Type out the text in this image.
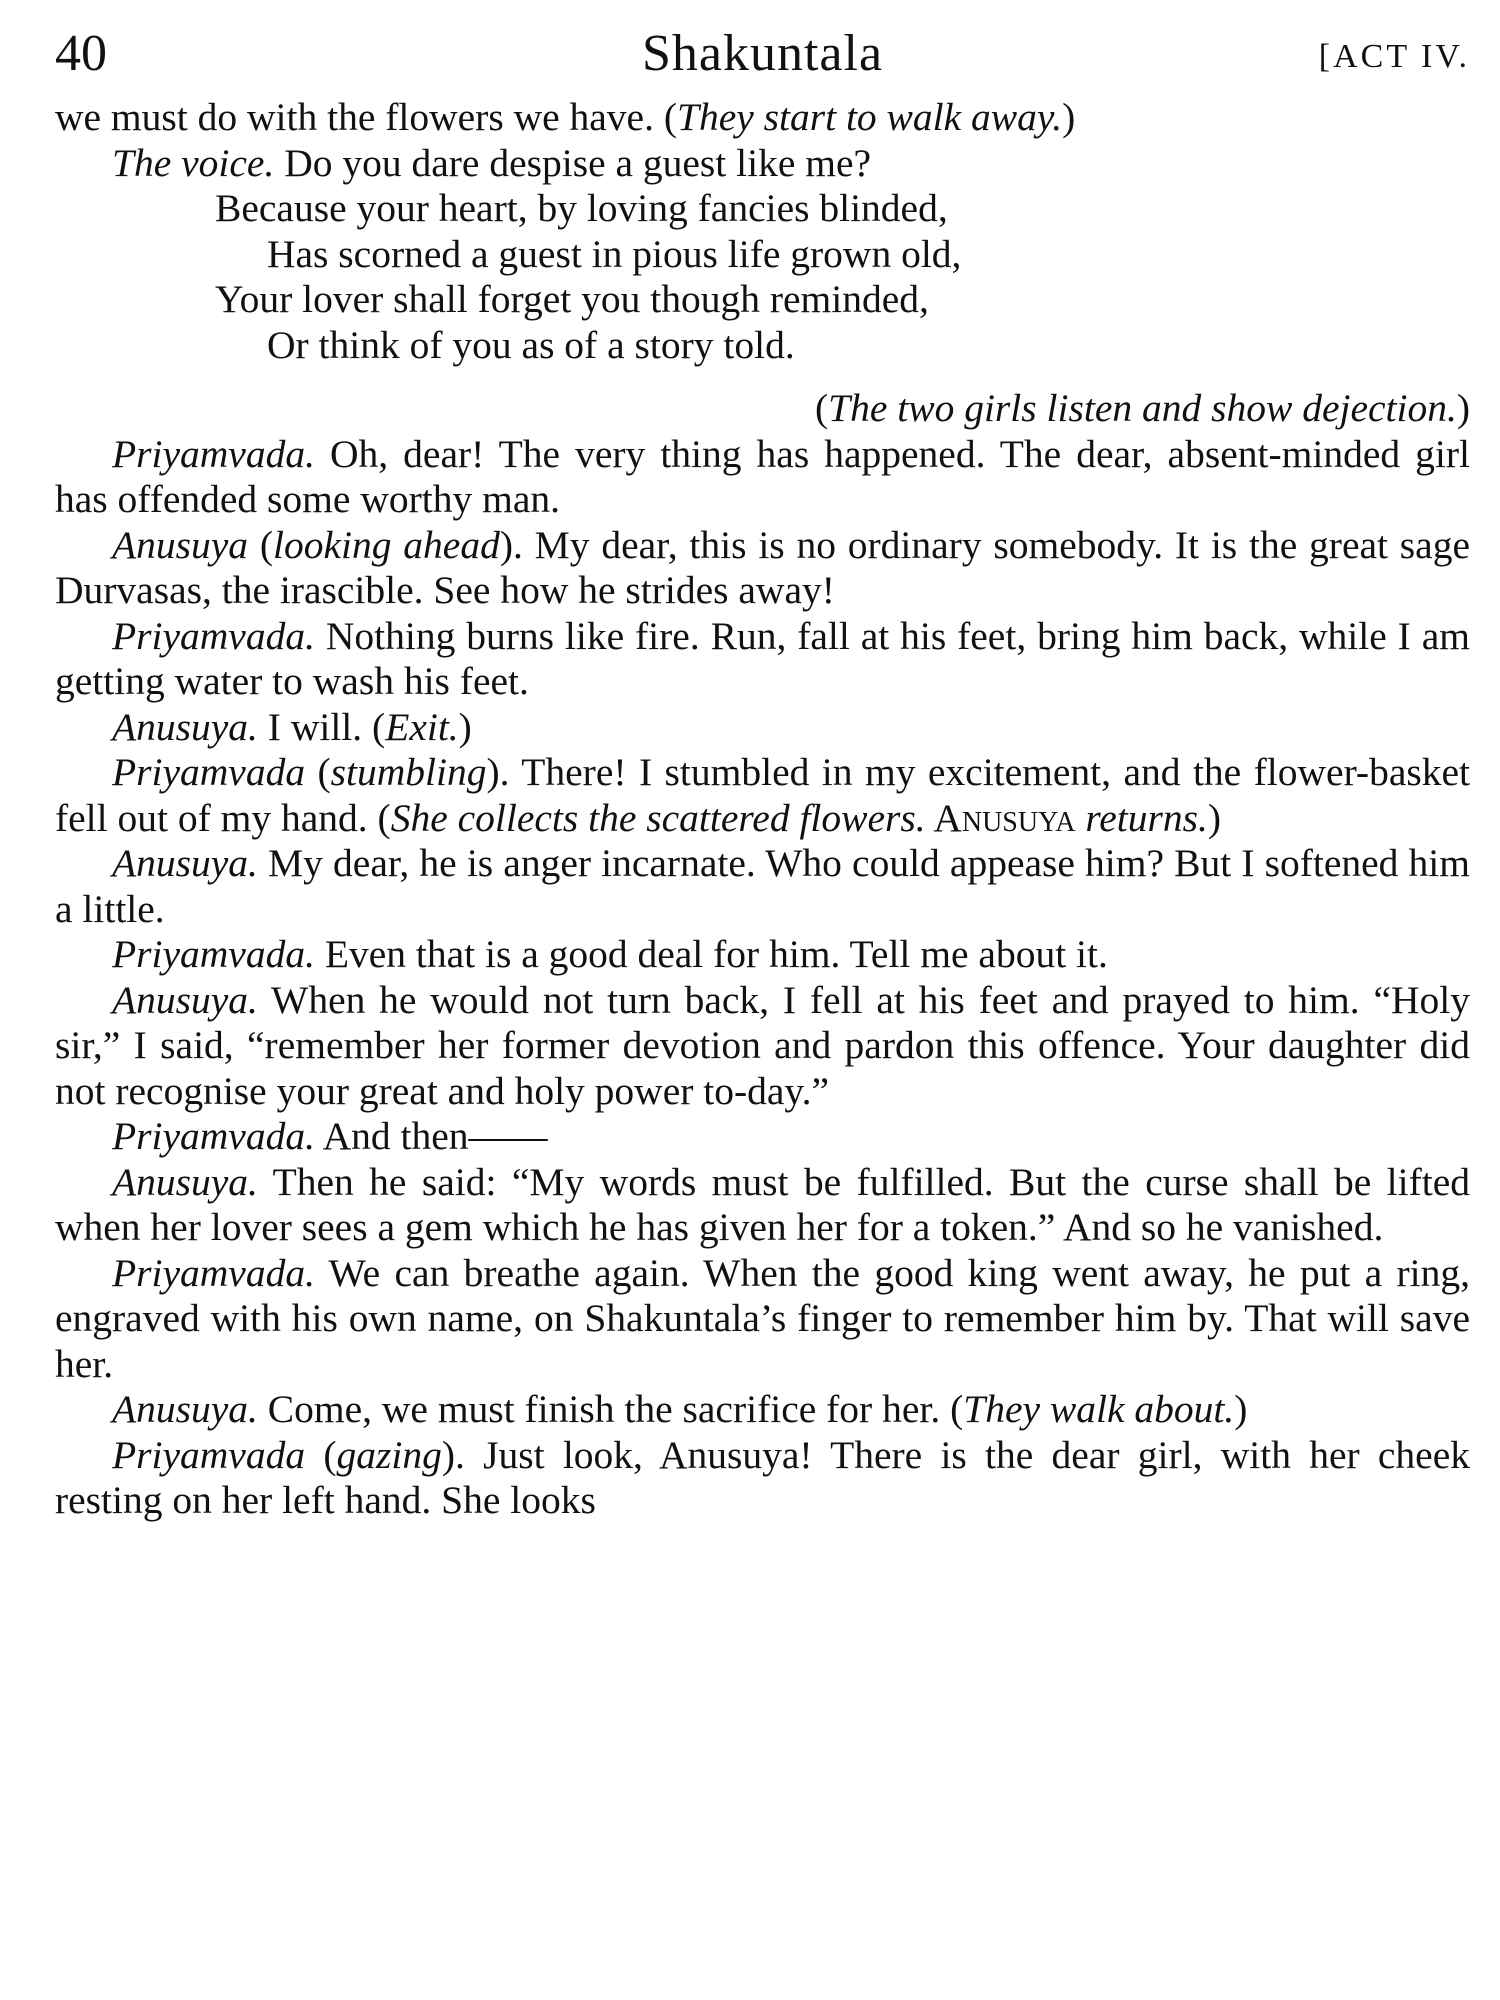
40	Shakuntala	[ACT IV.

we must do with the flowers we have. (They start to walk away.)

The voice. Do you dare despise a guest like me?

Because your heart, by loving fancies blinded,
Has scorned a guest in pious life grown old,
Your lover shall forget you though reminded,
Or think of you as of a story told.
(The two girls listen and show dejection.)

Priyamvada. Oh, dear! The very thing has happened. The dear, absent-minded girl has offended some worthy man.

Anusuya (looking ahead). My dear, this is no ordinary somebody. It is the great sage Durvasas, the irascible. See how he strides away!

Priyamvada. Nothing burns like fire. Run, fall at his feet, bring him back, while I am getting water to wash his feet.

Anusuya. I will. (Exit.)

Priyamvada (stumbling). There! I stumbled in my excitement, and the flower-basket fell out of my hand. (She collects the scattered flowers. Anusuya returns.)

Anusuya. My dear, he is anger incarnate. Who could appease him? But I softened him a little.

Priyamvada. Even that is a good deal for him. Tell me about it.

Anusuya. When he would not turn back, I fell at his feet and prayed to him. “Holy sir,” I said, “remember her former devotion and pardon this offence. Your daughter did not recognise your great and holy power to-day.”

Priyamvada. And then——

Anusuya. Then he said: “My words must be fulfilled. But the curse shall be lifted when her lover sees a gem which he has given her for a token.” And so he vanished.

Priyamvada. We can breathe again. When the good king went away, he put a ring, engraved with his own name, on Shakuntala’s finger to remember him by. That will save her.

Anusuya. Come, we must finish the sacrifice for her. (They walk about.)

Priyamvada (gazing). Just look, Anusuya! There is the dear girl, with her cheek resting on her left hand. She looks
